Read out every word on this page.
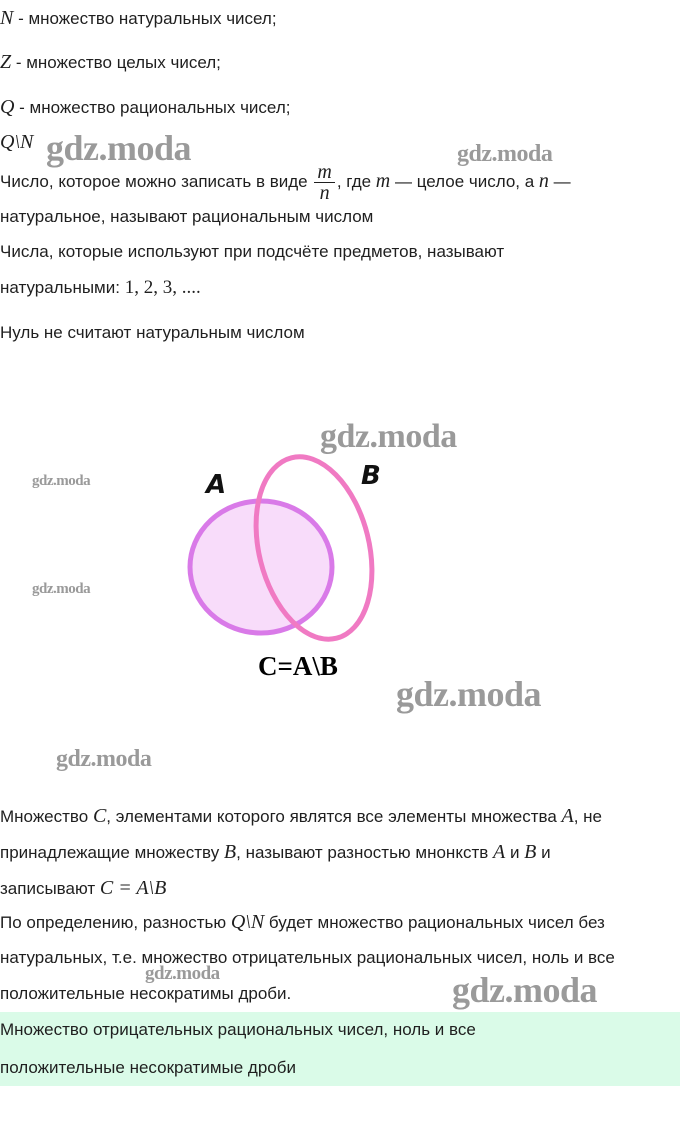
N - множество натуральных чисел;
Z - множество целых чисел;
Q - множество рациональных чисел;
Q\N
Число, которое можно записать в виде $\frac{m}{n}$ , где m — целое число, а n —
натуральное, называют рациональным числом
Числа, которые используют при подсчёте предметов, называют
натуральными: 1, 2, 3, ....
Нуль не считают натуральным числом
A	B
C=A\B
Множество C, элементами которого являтся все элементы множества A, не
принадлежащие множеству B, называют разностью мнонкств A и B и
записывают C = A\B
По определению, разностью Q\N будет множество рациональных чисел без
натуральных, т.е. множество отрицательных рациональных чисел, ноль и все
положительные несократимы дроби.
Множество отрицательных рациональных чисел, ноль и все
положительные несократимые дроби
gdz.moda	gdz.moda
gdz.moda
gdz.moda
gdz.moda
gdz.moda
gdz.moda
gdz.moda	gdz.moda
